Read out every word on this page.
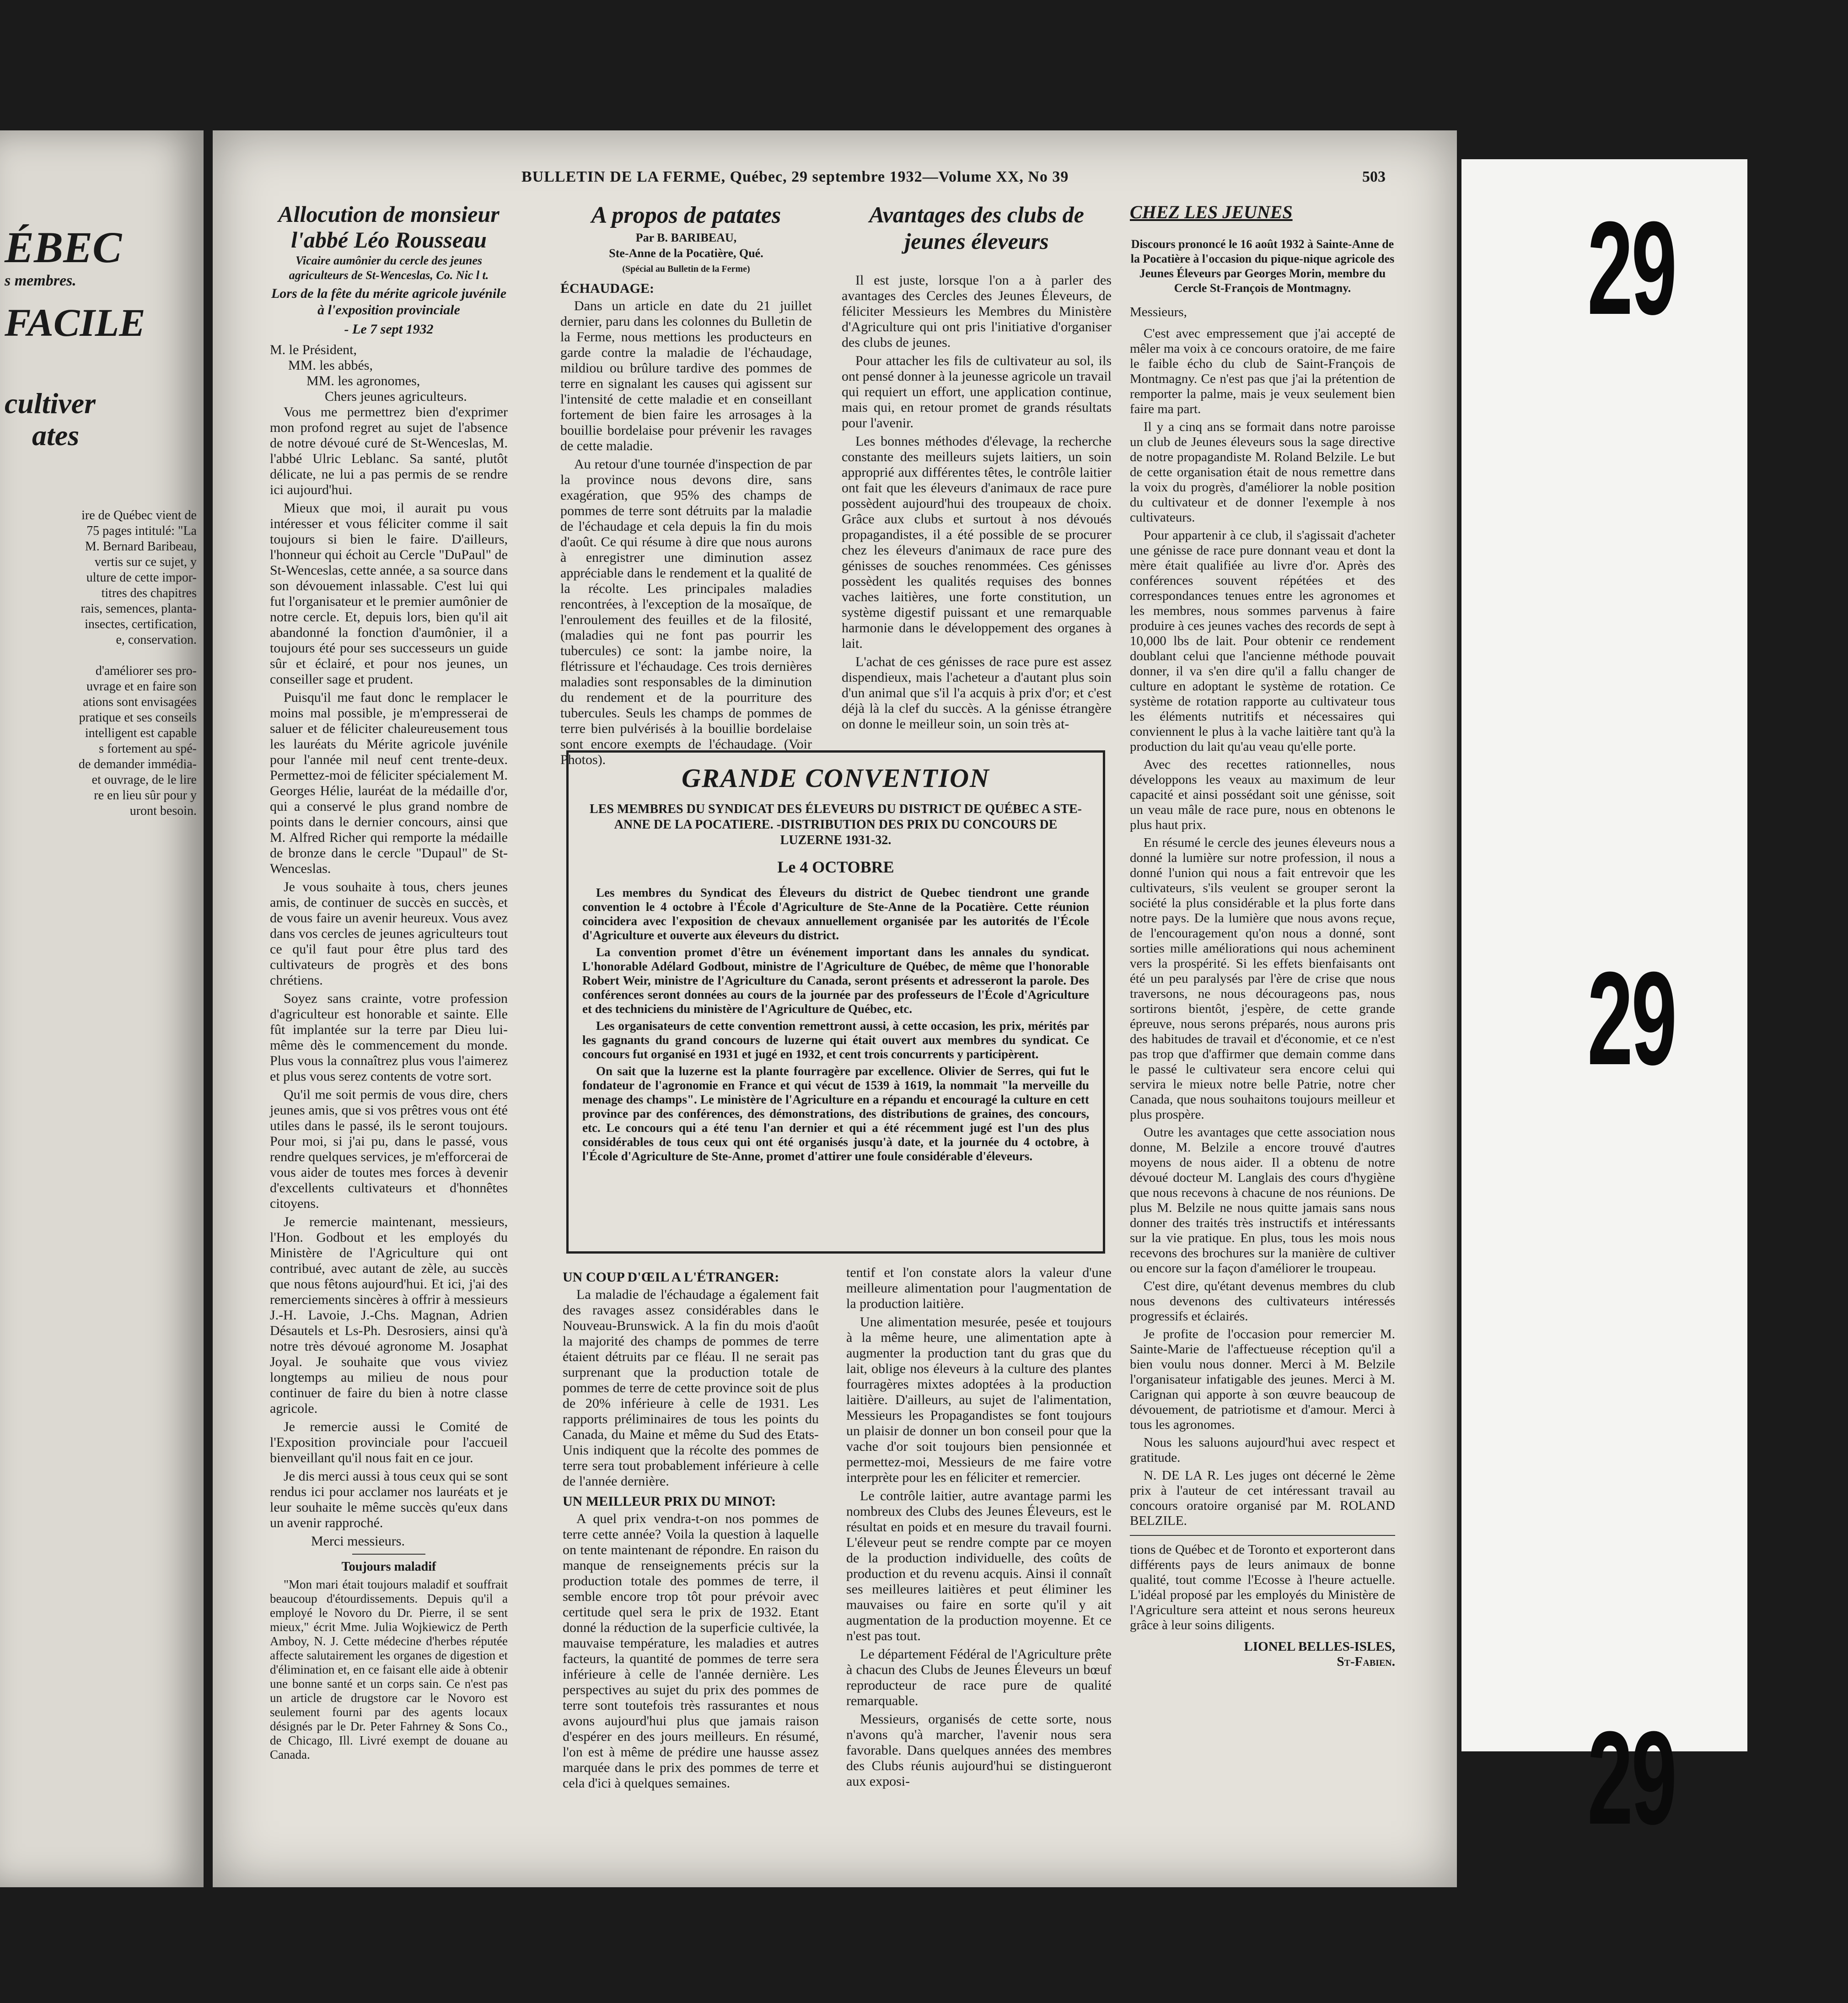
ÉBEC
s membres.
FACILE
cultiver
ates
ire de Québec vient de
75 pages intitulé: "La
M. Bernard Baribeau,
vertis sur ce sujet, y
ulture de cette impor-
titres des chapitres
rais, semences, planta-
insectes, certification,
e, conservation.
d'améliorer ses pro-
uvrage et en faire son
ations sont envisagées
pratique et ses conseils
intelligent est capable
s fortement au spé-
de demander immédia-
et ouvrage, de le lire
re en lieu sûr pour y
uront besoin.
29
29
29
BULLETIN DE LA FERME, Québec, 29 septembre 1932—Volume XX, No 39	503
Allocution de monsieur l'abbé Léo Rousseau
Vicaire aumônier du cercle des jeunes agriculteurs de St-Wenceslas, Co. Nic l t.
Lors de la fête du mérite agricole juvénile à l'exposition provinciale
- Le 7 sept 1932
M. le Président,
MM. les abbés,
MM. les agronomes,
Chers jeunes agriculteurs.

Vous me permettrez bien d'exprimer mon profond regret au sujet de l'absence de notre dévoué curé de St-Wenceslas, M. l'abbé Ulric Leblanc. Sa santé, plutôt délicate, ne lui a pas permis de se rendre ici aujourd'hui.

Mieux que moi, il aurait pu vous intéresser et vous féliciter comme il sait toujours si bien le faire. D'ailleurs, l'honneur qui échoit au Cercle "DuPaul" de St-Wenceslas, cette année, a sa source dans son dévouement inlassable. C'est lui qui fut l'organisateur et le premier aumônier de notre cercle. Et, depuis lors, bien qu'il ait abandonné la fonction d'aumônier, il a toujours été pour ses successeurs un guide sûr et éclairé, et pour nos jeunes, un conseiller sage et prudent.

Puisqu'il me faut donc le remplacer le moins mal possible, je m'empresserai de saluer et de féliciter chaleureusement tous les lauréats du Mérite agricole juvénile pour l'année mil neuf cent trente-deux. Permettez-moi de féliciter spécialement M. Georges Hélie, lauréat de la médaille d'or, qui a conservé le plus grand nombre de points dans le dernier concours, ainsi que M. Alfred Richer qui remporte la médaille de bronze dans le cercle "Dupaul" de St-Wenceslas.

Je vous souhaite à tous, chers jeunes amis, de continuer de succès en succès, et de vous faire un avenir heureux. Vous avez dans vos cercles de jeunes agriculteurs tout ce qu'il faut pour être plus tard des cultivateurs de progrès et des bons chrétiens.

Soyez sans crainte, votre profession d'agriculteur est honorable et sainte. Elle fût implantée sur la terre par Dieu lui-même dès le commencement du monde. Plus vous la connaîtrez plus vous l'aimerez et plus vous serez contents de votre sort.

Qu'il me soit permis de vous dire, chers jeunes amis, que si vos prêtres vous ont été utiles dans le passé, ils le seront toujours. Pour moi, si j'ai pu, dans le passé, vous rendre quelques services, je m'efforcerai de vous aider de toutes mes forces à devenir d'excellents cultivateurs et d'honnêtes citoyens.

Je remercie maintenant, messieurs, l'Hon. Godbout et les employés du Ministère de l'Agriculture qui ont contribué, avec autant de zèle, au succès que nous fêtons aujourd'hui. Et ici, j'ai des remerciements sincères à offrir à messieurs J.-H. Lavoie, J.-Chs. Magnan, Adrien Désautels et Ls-Ph. Desrosiers, ainsi qu'à notre très dévoué agronome M. Josaphat Joyal. Je souhaite que vous viviez longtemps au milieu de nous pour continuer de faire du bien à notre classe agricole.

Je remercie aussi le Comité de l'Exposition provinciale pour l'accueil bienveillant qu'il nous fait en ce jour.

Je dis merci aussi à tous ceux qui se sont rendus ici pour acclamer nos lauréats et je leur souhaite le même succès qu'eux dans un avenir rapproché.

Merci messieurs.

Toujours maladif

"Mon mari était toujours maladif et souffrait beaucoup d'étourdissements. Depuis qu'il a employé le Novoro du Dr. Pierre, il se sent mieux," écrit Mme. Julia Wojkiewicz de Perth Amboy, N. J. Cette médecine d'herbes réputée affecte salutairement les organes de digestion et d'élimination et, en ce faisant elle aide à obtenir une bonne santé et un corps sain. Ce n'est pas un article de drugstore car le Novoro est seulement fourni par des agents locaux désignés par le Dr. Peter Fahrney & Sons Co., de Chicago, Ill. Livré exempt de douane au Canada.

A propos de patates
Par B. BARIBEAU,
Ste-Anne de la Pocatière, Qué.
(Spécial au Bulletin de la Ferme)
ÉCHAUDAGE:

Dans un article en date du 21 juillet dernier, paru dans les colonnes du Bulletin de la Ferme, nous mettions les producteurs en garde contre la maladie de l'échaudage, mildiou ou brûlure tardive des pommes de terre en signalant les causes qui agissent sur l'intensité de cette maladie et en conseillant fortement de bien faire les arrosages à la bouillie bordelaise pour prévenir les ravages de cette maladie.

Au retour d'une tournée d'inspection de par la province nous devons dire, sans exagération, que 95% des champs de pommes de terre sont détruits par la maladie de l'échaudage et cela depuis la fin du mois d'août. Ce qui résume à dire que nous aurons à enregistrer une diminution assez appréciable dans le rendement et la qualité de la récolte. Les principales maladies rencontrées, à l'exception de la mosaïque, de l'enroulement des feuilles et de la filosité, (maladies qui ne font pas pourrir les tubercules) ce sont: la jambe noire, la flétrissure et l'échaudage. Ces trois dernières maladies sont responsables de la diminution du rendement et de la pourriture des tubercules. Seuls les champs de pommes de terre bien pulvérisés à la bouillie bordelaise sont encore exempts de l'échaudage. (Voir Photos).

Avantages des clubs de jeunes éleveurs

Il est juste, lorsque l'on a à parler des avantages des Cercles des Jeunes Éleveurs, de féliciter Messieurs les Membres du Ministère d'Agriculture qui ont pris l'initiative d'organiser des clubs de jeunes.

Pour attacher les fils de cultivateur au sol, ils ont pensé donner à la jeunesse agricole un travail qui requiert un effort, une application continue, mais qui, en retour promet de grands résultats pour l'avenir.

Les bonnes méthodes d'élevage, la recherche constante des meilleurs sujets laitiers, un soin approprié aux différentes têtes, le contrôle laitier ont fait que les éleveurs d'animaux de race pure possèdent aujourd'hui des troupeaux de choix. Grâce aux clubs et surtout à nos dévoués propagandistes, il a été possible de se procurer chez les éleveurs d'animaux de race pure des génisses de souches renommées. Ces génisses possèdent les qualités requises des bonnes vaches laitières, une forte constitution, un système digestif puissant et une remarquable harmonie dans le développement des organes à lait.

L'achat de ces génisses de race pure est assez dispendieux, mais l'acheteur a d'autant plus soin d'un animal que s'il l'a acquis à prix d'or; et c'est déjà là la clef du succès. A la génisse étrangère on donne le meilleur soin, un soin très at-

GRANDE CONVENTION
LES MEMBRES DU SYNDICAT DES ÉLEVEURS DU DISTRICT DE QUÉBEC A STE-ANNE DE LA POCATIERE. -DISTRIBUTION DES PRIX DU CONCOURS DE LUZERNE 1931-32.
Le 4 OCTOBRE

Les membres du Syndicat des Éleveurs du district de Quebec tiendront une grande convention le 4 octobre à l'École d'Agriculture de Ste-Anne de la Pocatière. Cette réunion coincidera avec l'exposition de chevaux annuellement organisée par les autorités de l'École d'Agriculture et ouverte aux éleveurs du district.

La convention promet d'être un événement important dans les annales du syndicat. L'honorable Adélard Godbout, ministre de l'Agriculture de Québec, de même que l'honorable Robert Weir, ministre de l'Agriculture du Canada, seront présents et adresseront la parole. Des conférences seront données au cours de la journée par des professeurs de l'École d'Agriculture et des techniciens du ministère de l'Agriculture de Québec, etc.

Les organisateurs de cette convention remettront aussi, à cette occasion, les prix, mérités par les gagnants du grand concours de luzerne qui était ouvert aux membres du syndicat. Ce concours fut organisé en 1931 et jugé en 1932, et cent trois concurrents y participèrent.

On sait que la luzerne est la plante fourragère par excellence. Olivier de Serres, qui fut le fondateur de l'agronomie en France et qui vécut de 1539 à 1619, la nommait "la merveille du menage des champs". Le ministère de l'Agriculture en a répandu et encouragé la culture en cett province par des conférences, des démonstrations, des distributions de graines, des concours, etc. Le concours qui a été tenu l'an dernier et qui a été récemment jugé est l'un des plus considérables de tous ceux qui ont été organisés jusqu'à date, et la journée du 4 octobre, à l'École d'Agriculture de Ste-Anne, promet d'attirer une foule considérable d'éleveurs.

UN COUP D'ŒIL A L'ÉTRANGER:

La maladie de l'échaudage a également fait des ravages assez considérables dans le Nouveau-Brunswick. A la fin du mois d'août la majorité des champs de pommes de terre étaient détruits par ce fléau. Il ne serait pas surprenant que la production totale de pommes de terre de cette province soit de plus de 20% inférieure à celle de 1931. Les rapports préliminaires de tous les points du Canada, du Maine et même du Sud des Etats-Unis indiquent que la récolte des pommes de terre sera tout probablement inférieure à celle de l'année dernière.

UN MEILLEUR PRIX DU MINOT:

A quel prix vendra-t-on nos pommes de terre cette année? Voila la question à laquelle on tente maintenant de répondre. En raison du manque de renseignements précis sur la production totale des pommes de terre, il semble encore trop tôt pour prévoir avec certitude quel sera le prix de 1932. Etant donné la réduction de la superficie cultivée, la mauvaise température, les maladies et autres facteurs, la quantité de pommes de terre sera inférieure à celle de l'année dernière. Les perspectives au sujet du prix des pommes de terre sont toutefois très rassurantes et nous avons aujourd'hui plus que jamais raison d'espérer en des jours meilleurs. En résumé, l'on est à même de prédire une hausse assez marquée dans le prix des pommes de terre et cela d'ici à quelques semaines.

tentif et l'on constate alors la valeur d'une meilleure alimentation pour l'augmentation de la production laitière.

Une alimentation mesurée, pesée et toujours à la même heure, une alimentation apte à augmenter la production tant du gras que du lait, oblige nos éleveurs à la culture des plantes fourragères mixtes adoptées à la production laitière. D'ailleurs, au sujet de l'alimentation, Messieurs les Propagandistes se font toujours un plaisir de donner un bon conseil pour que la vache d'or soit toujours bien pensionnée et permettez-moi, Messieurs de me faire votre interprète pour les en féliciter et remercier.

Le contrôle laitier, autre avantage parmi les nombreux des Clubs des Jeunes Éleveurs, est le résultat en poids et en mesure du travail fourni. L'éleveur peut se rendre compte par ce moyen de la production individuelle, des coûts de production et du revenu acquis. Ainsi il connaît ses meilleures laitières et peut éliminer les mauvaises ou faire en sorte qu'il y ait augmentation de la production moyenne. Et ce n'est pas tout.

Le département Fédéral de l'Agriculture prête à chacun des Clubs de Jeunes Éleveurs un bœuf reproducteur de race pure de qualité remarquable.

Messieurs, organisés de cette sorte, nous n'avons qu'à marcher, l'avenir nous sera favorable. Dans quelques années des membres des Clubs réunis aujourd'hui se distingueront aux exposi-

CHEZ LES JEUNES
Discours prononcé le 16 août 1932 à Sainte-Anne de la Pocatière à l'occasion du pique-nique agricole des Jeunes Éleveurs par Georges Morin, membre du Cercle St-François de Montmagny.
Messieurs,

C'est avec empressement que j'ai accepté de mêler ma voix à ce concours oratoire, de me faire le faible écho du club de Saint-François de Montmagny. Ce n'est pas que j'ai la prétention de remporter la palme, mais je veux seulement bien faire ma part.

Il y a cinq ans se formait dans notre paroisse un club de Jeunes éleveurs sous la sage directive de notre propagandiste M. Roland Belzile. Le but de cette organisation était de nous remettre dans la voix du progrès, d'améliorer la noble position du cultivateur et de donner l'exemple à nos cultivateurs.

Pour appartenir à ce club, il s'agissait d'acheter une génisse de race pure donnant veau et dont la mère était qualifiée au livre d'or. Après des conférences souvent répétées et des correspondances tenues entre les agronomes et les membres, nous sommes parvenus à faire produire à ces jeunes vaches des records de sept à 10,000 lbs de lait. Pour obtenir ce rendement doublant celui que l'ancienne méthode pouvait donner, il va s'en dire qu'il a fallu changer de culture en adoptant le système de rotation. Ce système de rotation rapporte au cultivateur tous les éléments nutritifs et nécessaires qui conviennent le plus à la vache laitière tant qu'à la production du lait qu'au veau qu'elle porte.

Avec des recettes rationnelles, nous développons les veaux au maximum de leur capacité et ainsi possédant soit une génisse, soit un veau mâle de race pure, nous en obtenons le plus haut prix.

En résumé le cercle des jeunes éleveurs nous a donné la lumière sur notre profession, il nous a donné l'union qui nous a fait entrevoir que les cultivateurs, s'ils veulent se grouper seront la société la plus considérable et la plus forte dans notre pays. De la lumière que nous avons reçue, de l'encouragement qu'on nous a donné, sont sorties mille améliorations qui nous acheminent vers la prospérité. Si les effets bienfaisants ont été un peu paralysés par l'ère de crise que nous traversons, ne nous décourageons pas, nous sortirons bientôt, j'espère, de cette grande épreuve, nous serons préparés, nous aurons pris des habitudes de travail et d'économie, et ce n'est pas trop que d'affirmer que demain comme dans le passé le cultivateur sera encore celui qui servira le mieux notre belle Patrie, notre cher Canada, que nous souhaitons toujours meilleur et plus prospère.

Outre les avantages que cette association nous donne, M. Belzile a encore trouvé d'autres moyens de nous aider. Il a obtenu de notre dévoué docteur M. Langlais des cours d'hygiène que nous recevons à chacune de nos réunions. De plus M. Belzile ne nous quitte jamais sans nous donner des traités très instructifs et intéressants sur la vie pratique. En plus, tous les mois nous recevons des brochures sur la manière de cultiver ou encore sur la façon d'améliorer le troupeau.

C'est dire, qu'étant devenus membres du club nous devenons des cultivateurs intéressés progressifs et éclairés.

Je profite de l'occasion pour remercier M. Sainte-Marie de l'affectueuse réception qu'il a bien voulu nous donner. Merci à M. Belzile l'organisateur infatigable des jeunes. Merci à M. Carignan qui apporte à son œuvre beaucoup de dévouement, de patriotisme et d'amour. Merci à tous les agronomes.

Nous les saluons aujourd'hui avec respect et gratitude.

N. DE LA R. Les juges ont décerné le 2ème prix à l'auteur de cet intéressant travail au concours oratoire organisé par M. ROLAND BELZILE.

tions de Québec et de Toronto et exporteront dans différents pays de leurs animaux de bonne qualité, tout comme l'Ecosse à l'heure actuelle. L'idéal proposé par les employés du Ministère de l'Agriculture sera atteint et nous serons heureux grâce à leur soins diligents.

LIONEL BELLES-ISLES,
St-Fabien.
